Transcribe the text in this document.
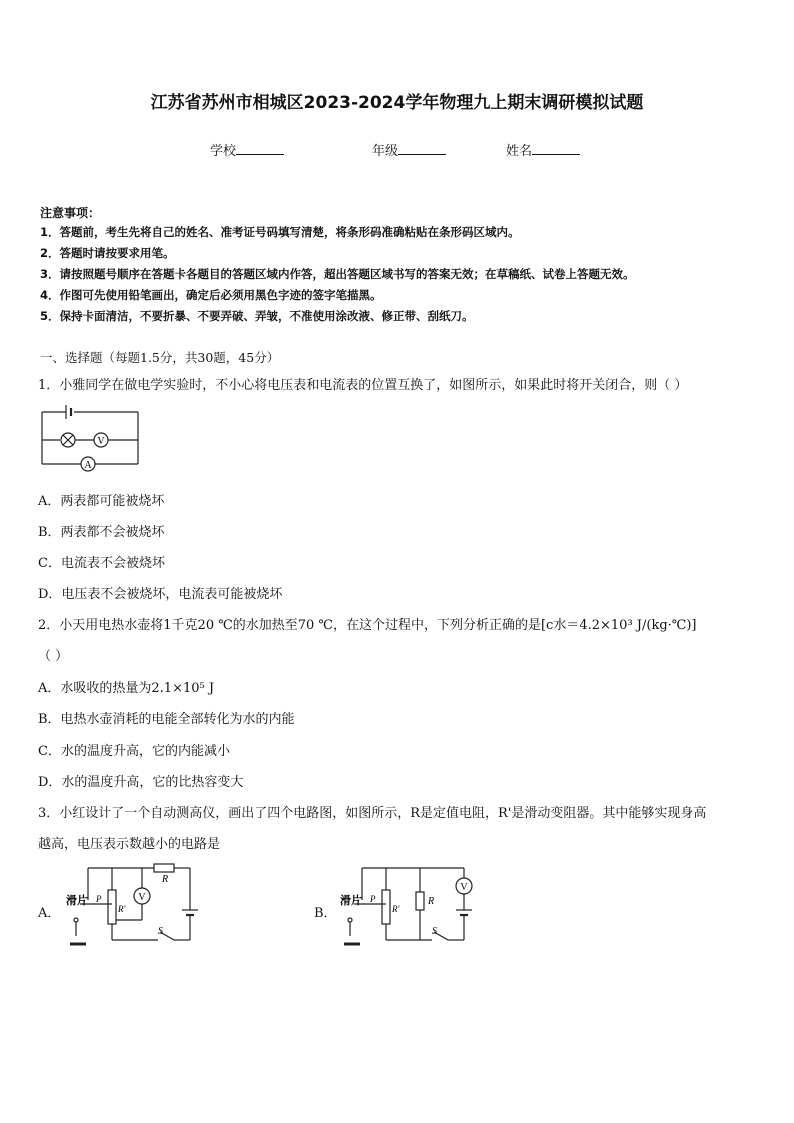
江苏省苏州市相城区2023-2024学年物理九上期末调研模拟试题
学校	年级	姓名
注意事项：
1．答题前，考生先将自己的姓名、准考证号码填写清楚，将条形码准确粘贴在条形码区域内。
2．答题时请按要求用笔。
3．请按照题号顺序在答题卡各题目的答题区域内作答，超出答题区域书写的答案无效；在草稿纸、试卷上答题无效。
4．作图可先使用铅笔画出，确定后必须用黑色字迹的签字笔描黑。
5．保持卡面清洁，不要折暴、不要弄破、弄皱，不准使用涂改液、修正带、刮纸刀。
一、选择题（每题1.5分，共30题，45分）
1．小雅同学在做电学实验时，不小心将电压表和电流表的位置互换了，如图所示，如果此时将开关闭合，则（ ）
V
A
A．两表都可能被烧坏
B．两表都不会被烧坏
C．电流表不会被烧坏
D．电压表不会被烧坏，电流表可能被烧坏
2．小天用电热水壶将1千克20 ℃的水加热至70 ℃，在这个过程中，下列分析正确的是[c水＝4.2×10³ J/(kg·℃)]
（ ）
A．水吸收的热量为2.1×10⁵ J
B．电热水壶消耗的电能全部转化为水的内能
C．水的温度升高，它的内能减小
D．水的温度升高，它的比热容变大
3．小红设计了一个自动测高仪，画出了四个电路图，如图所示，R是定值电阻，R'是滑动变阻器。其中能够实现身高
越高，电压表示数越小的电路是
A．
滑片 P
R'
V
R
S
B．
滑片 P
R'
R
V
S
